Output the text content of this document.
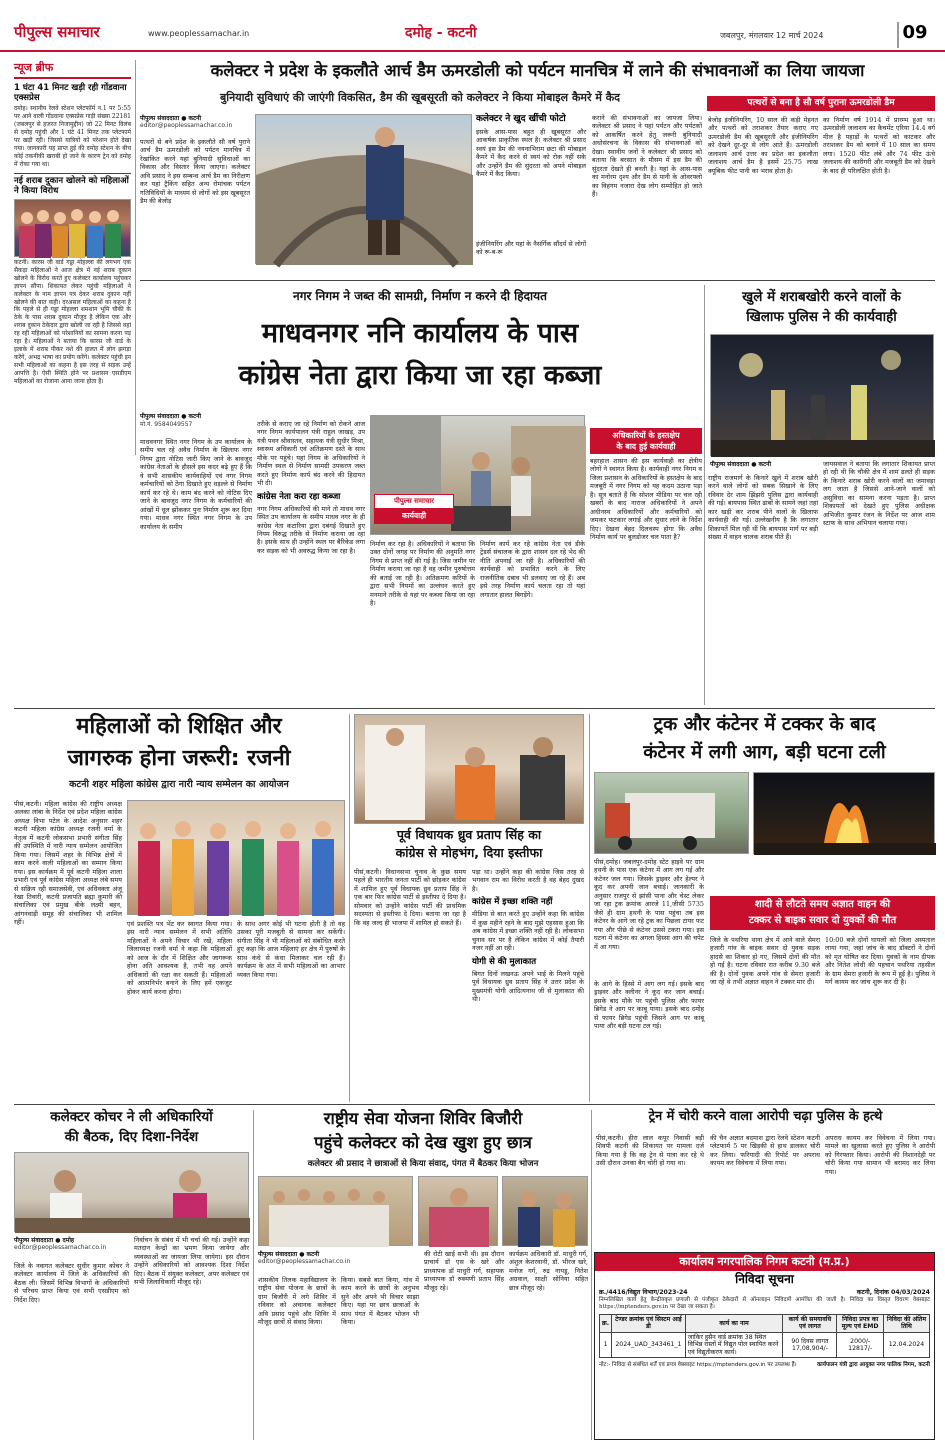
पीपुल्स समाचार	www.peoplessamachar.in	दमोह - कटनी	जबलपुर, मंगलवार 12 मार्च 2024	09
न्यूज ब्रीफ
1 घंटा 41 मिनट खड़ी रही गोंडवाना एक्सप्रेस
दमोह। स्थानीय रेलवे स्टेशन प्लेटफॉर्म न.1 पर 5:55 पर आने वाली गोंडवाना एक्सप्रेस गाड़ी संख्या 22181 (जबलपुर से हजरत निजामुद्दीन) जो 22 मिनट विलंब से दमोह पहुंची और 1 घंटे 41 मिनट तक प्लेटफार्म पर खड़ी रही। जिससे यात्रियों को परेशान होते देखा गया। जानकारी यह प्राप्त हुई की दमोह स्टेशन के बीच कोई तकनीकी खराबी हो जाने के कारण ट्रेन को दमोह में रोका गया था।
नई शराब दुकान खोलने को महिलाओं ने किया विरोध
कटनी। कारस जी वार्ड गड्डा मोहल्ला की लगभग एक सैकड़ा महिलाओं ने आज क्षेत्र में नई शराब दुकान खोलने के विरोध करते हुए कलेक्टर कार्यालय पहुंचकर ज्ञापन सौंपा। शिकायत लेकर पहुंची महिलाओं ने कलेक्टर के नाम ज्ञापन पत्र देकर शराब दुकान नहीं खोलने की बात कही। दरअसल महिलाओं का कहना है कि पहले से ही गड्डा मोहल्ला शमशान भूमि चौकी के ठेके के पास शराब दुकान मौजूद है लेकिन एक और शराब दुकान ठेकेदार द्वारा खोली जा रही है जिससे वहां रह रही महिलाओं को परेशानियों का सामना करना पड़ रहा है। महिलाओं ने बताया कि कारस जी वार्ड के इलाके में शराब पीकर नशे की हालत में लोग झगड़ा करेंगे, अभद्र भाषा का प्रयोग करेंगे। कलेक्टर पहुंची इन सभी महिलाओं का कहना है इस तरह से सड़क उन्हें आपत्ति है। ऐसी स्थिति होने पर प्रशासन एसडीएम महिलाओं का रोजाना आना जाना होता है।
कलेक्टर ने प्रदेश के इकलौते आर्च डैम ऊमरडोली को पर्यटन मानचित्र में लाने की संभावनाओं का लिया जायजा
बुनियादी सुविधाएं की जाएंगी विकसित, डैम की खूबसूरती को कलेक्टर ने किया मोबाइल कैमरे में कैद
पीपुल्स संवाददाता ● कटनी
editor@peoplessamachar.co.in
पत्थरों से बने प्रदेश के इकलौते सौ वर्ष पुराने आर्च डैम ऊमरडोली को पर्यटन मानचित्र में रेखांकित करने यहां बुनियादी सुविधाओं का विकास और विस्तार किया जाएगा। कलेक्टर अवि प्रसाद ने इस सम्बन्ध आर्च डैम का निरीक्षण कर यहां ट्रैकिंग सहित अन्य रोमांचक पर्यटन गतिविधियों के माध्यम से लोगों को इस खूबसूरत डैम की बेजोड़
कलेक्टर ने खुद खींची फोटो
इसके आस-पास बहुत ही खूबसूरत और आकर्षक प्राकृतिक स्थल है। कलेक्टर श्री प्रसाद स्वयं इस डैम की नयनाभिराम छटा की मोबाइल कैमरे में कैद करने से स्वयं को रोक नहीं सके और उन्होंने डैम की सुंदरता को अपने मोबाइल कैमरे में कैद किया।
इंजीनियरिंग और यहां के नैसर्गिक सौंदर्य से लोगों को रू-ब-रू
कराने की संभावनाओं का जायजा लिया। कलेक्टर श्री प्रसाद ने यहां पर्यटन और पर्यटकों को आकर्षित करने हेतु जरूरी बुनियादी अधोसंरचना के विकास की संभावनाओं को देखा। स्थानीय जनों ने कलेक्टर श्री प्रसाद को बताया कि बरसात के मौसम में इस डैम की सुंदरता देखते ही बनती है। यहां के आस-पास का मनोरम दृश्य और डैम से पानी के ओवरफ्लो का विहंगम नजारा देख लोग सम्मोहित हो जाते हैं।
पत्थरों से बना है सौ वर्ष पुराना ऊमरडोली डैम
बेजोड़ इंजीनियरिंग, 10 साल की कड़ी मेहनत और पत्थरों को तराशकर तैयार कराए गए ऊमरडोली डैम की खूबसूरती और इंजीनियरिंग को देखने दूर-दूर से लोग आते हैं। ऊमरडोली जलाशय आर्च उत्तर का प्रदेश का इकलौता जलाशय आर्च डैम है इसमें 25.75 लाख क्यूबिक फीट पानी का भराव होता है।
का निर्माण वर्ष 1914 में प्रारम्भ हुआ था। ऊमरडोली जलाशय का कैचमेंट एरिया 14.4 वर्ग मील है पहाड़ों के पत्थरों को काटकर और तराशकर डैम को बनाने में 10 साल का समय लगा। 1520 फीट लंबे और 74 फीट ऊंचे जलाशय की कारीगरी और मजबूती डैम को देखने के बाद ही परिलक्षित होती है।
नगर निगम ने जब्त की सामग्री, निर्माण न करने दी हिदायत
माधवनगर ननि कार्यालय के पास
कांग्रेस नेता द्वारा किया जा रहा कब्जा
पीपुल्स संवाददाता ● कटनी
मो.नं. 9584049557
माधवनगर स्थित नगर निगम के उप कार्यालय के समीप चल रहे अवैध निर्माण के खिलाफ नगर निगम द्वारा नोटिस जारी किए जाने के बावजूद कांग्रेस नेताओं के हौसले इस कदर बढ़े हुए हैं कि वे सभी शासकीय कार्यवाहियों एवं नगर निगम कर्मचारियों को ठेंगा दिखाते हुए धड़ल्ले से निर्माण कार्य कर रहे थे। काम बंद करने को नोटिस दिए जाने के बावजूद नगर निगम के कर्मचारियों की आंखों में धूल झोंककर पुनः निर्माण शुरू कर दिया गया। माधव नगर स्थित नगर निगम के उप कार्यालय के समीप
तरीके से कराए जा रहे निर्माण को रोकने आज नगर निगम कार्यपालन यंत्री राहुल जाखड़, उप यंत्री पवन श्रीवास्तव, सहायक यंत्री सुधीर मिश्रा, स्वास्थ्य अधिकारी एवं अतिक्रमण दस्ते के साथ मौके पर पहुंचे। यहां निगम के अधिकारियों ने निर्माण स्थल से निर्माण सामग्री उपकरण जब्त करते हुए निर्माण कार्य बंद करने की हिदायत भी दी।
कांग्रेस नेता करा रहा कब्जा
नगर निगम अधिकारियों की माने तो माधव नगर स्थित उप कार्यालय के समीप माधव नगर के ही कांग्रेस नेता कटारिया द्वारा दबंगई दिखाते हुए नियम विरुद्ध तरीके से निर्माण कराया जा रहा है। इसके साथ ही उन्होंने स्थल पर बैरिकेड लगा कर सड़क को भी अवरुद्ध किया जा रहा है।
पीपुल्स समाचार
कार्यवाही
निर्माण कर रहा है। अधिकारियों ने बताया कि उक्त दोनों जगह पर निर्माण की अनुमति नगर निगम से प्राप्त नहीं की गई है। जिस जमीन पर निर्माण कराया जा रहा है वह जमीन पुरुषोत्तम की बताई जा रही है। अतिक्रमण करियों के द्वारा सभी नियमों का उल्लंघन करते हुए मनमाने तरीके से यहां पर कब्जा किया जा रहा है।
निर्माण कार्य कर रहे कांग्रेस नेता एवं डीके ट्रेडर्स संचालक के द्वारा शासन दल रहे भेद की नीति अपनाई जा रही है। अधिकारियों की कार्यवाही को प्रभावित करने के लिए राजनीतिक दबाव भी डलवाए जा रहे हैं। अब इसे तरह निर्माण कार्य चलता रहा तो यहां लगातार हालत बिगड़ेंगे।
अधिकारियों के हस्तक्षेप
के बाद हुई कार्यवाही
बहरहाल शासन की इस कार्यवाही का क्षेत्रीय लोगों ने स्वागत किया है। कार्यवाही नगर निगम व जिला प्रशासन के अधिकारियों के हस्तक्षेप के बाद मजबूरी में नगर निगम को यह कदम उठाना पड़ा है। सूत्र बताते हैं कि सोशल मीडिया पर चल रही खबरों के बाद नाराज अधिकारियों ने अपने अधीनस्थ अधिकारियों और कर्मचारियों को जमकर फटकार लगाई और सुधार लाने के निर्देश दिए। देखना बेहद दिलचस्प होगा कि अवैध निर्माण कार्य पर बुलडोजर चल पाता है?
खुले में शराबखोरी करने वालों के
खिलाफ पुलिस ने की कार्यवाही
पीपुल्स संवाददाता ● कटनी
राष्ट्रीय राजमार्ग के किनारे खुले में शराब खोरी करने वाले लोगों को सबक सिखाने के लिए रविवार देर शाम झिंझरी पुलिस द्वारा कार्यवाही की गई। बायपास स्थित ढाबों के सामने जहां तहां कार खड़ी कर शराब पीने वालों के खिलाफ कार्यवाही की गई। उल्लेखनीय है कि लगातार शिकायतें मिल रही थीं कि बायपास मार्ग पर बड़ी संख्या में वाहन चालक शराब पीते हैं।
जायसवाल ने बताया कि लगातार शिकायत प्राप्त हो रही थी कि चौकी क्षेत्र में शाम ढलते ही सड़क के किनारे शराब खोरी करने वालों का जमावड़ा लग जाता है जिससे आने-जाने वालों को असुविधा का सामना करना पड़ता है। प्राप्त शिकायतों को देखते हुए पुलिस अधीक्षक अभिजीत कुमार रंजन के निर्देश पर आज शाम स्टाफ के साथ अभियान चलाया गया।
महिलाओं को शिक्षित और
जागरुक होना जरूरी: रजनी
कटनी शहर महिला कांग्रेस द्वारा नारी न्याय सम्मेलन का आयोजन
पीसं,कटनी। महिला कांग्रेस की राष्ट्रीय अध्यक्ष अलका लांबा के निर्देश एवं प्रदेश महिला कांग्रेस अध्यक्ष विभा पटेल के आदेश अनुसार शहर कटनी महिला कांग्रेस अध्यक्ष रजनी वर्मा के नेतृत्व में कटनी लोकसभा प्रभारी संगीता सिंह की उपस्थिति में नारी न्याय सम्मेलन आयोजित किया गया। जिसमें शहर के विभिन्न क्षेत्रों में काम करने वाली महिलाओं का सम्मान किया गया। इस कार्यक्रम में पूर्व कटनी महिला शाला प्रभारी एवं पूर्व कांग्रेस महिला अध्यक्ष लंबे समय से सक्रिय रही समाजसेवी, एवं अधिवक्ता अंजू रेखा तिवारी, कटनी प्रजापति ब्रह्मा कुमारी की संचालिका एवं प्रमुख बीके लक्ष्मी बहन, आंगनवाड़ी समूह की संचालिका भी शामिल रहीं।	एवं प्रशस्ति पत्र भेंट कर स्वागत किया गया। इस नारी न्याय सम्मेलन में सभी अतिथि महिलाओं ने अपने विचार भी रखें, महिला जिलाध्यक्ष रजनी वर्मा ने कहा कि महिलाओं को आज के दौर में शिक्षित और जागरूक होना अति आवश्यक है, तभी वह अपने अधिकारों की रक्षा कर सकती हैं। महिलाओं को आत्मनिर्भर बनाने के लिए हमें एकजुट होकर कार्य करना होगा।
के साथ अगर कोई भी घटना होती है तो वह उसका पूरी मजबूती से सामना कर सकेंगी। संगीता सिंह ने भी महिलाओं को संबोधित करते हुए कहा कि आज महिलाएं हर क्षेत्र में पुरुषों के साथ कंधे से कंधा मिलाकर चल रही हैं। कार्यक्रम के अंत में सभी महिलाओं का आभार व्यक्त किया गया।
पूर्व विधायक ध्रुव प्रताप सिंह का
कांग्रेस से मोहभंग, दिया इस्तीफा
पीसं,कटनी। विधानसभा चुनाव के कुछ समय पहले ही भारतीय जनता पार्टी को छोड़कर कांग्रेस में शामिल हुए पूर्व विधायक ध्रुव प्रताप सिंह ने एक बार फिर कांग्रेस पार्टी से इस्तीफा दे दिया है। सोमवार को उन्होंने कांग्रेस पार्टी की प्राथमिक सदस्यता से इस्तीफा दे दिया। बताया जा रहा है कि वह जल्द ही भाजपा में शामिल हो सकते हैं।
पड़ा था। उन्होंने कहा की कांग्रेस जिस तरह से भगवान राम का विरोध करती है वह बेहद दुखद है।
कांग्रेस में इच्छा शक्ति नहीं
मीडिया से बात करते हुए उन्होंने कहा कि कांग्रेस में कुछ महीने रहने के बाद मुझे एहसास हुआ कि अब कांग्रेस में इच्छा शक्ति नहीं रही है। लोकसभा चुनाव सर पर है लेकिन कांग्रेस में कोई तैयारी नजर नहीं आ रही।
योगी से की मुलाकात
बिगत दिनों लखनऊ अपने भाई के मिलने पहुंचे पूर्व विधायक ध्रुव प्रताप सिंह ने उत्तर प्रदेश के मुख्यमंत्री योगी आदित्यनाथ जी से मुलाकात की थी।
ट्रक और कंटेनर में टक्कर के बाद
कंटेनर में लगी आग, बड़ी घटना टली
पीसं,दमोह। जबलपुर-दमोह स्टेट हाइवे पर ग्राम हथनी के पास एक कंटेनर में आग लग गई और कंटेनर जल गया। जिसके ड्राइवर और हेल्पर ने कूद कर अपनी जान बचाई। जानकारी के अनुसार राजपुर से झांसी पाना और चेस्ट लेकर जा रहा ट्रक क्रमांक आरजे 11,जीसी 5735 जैसे ही ग्राम हथनी के पास पहुंचा तब इस कंटेनर के आगे जा रहे ट्रक का पिछला टायर फट गया और पीछे से कंटेनर उससे टकरा गया। इस घटना में कंटेनर का अगला हिस्सा आग की चपेट में आ गया।
शादी से लौटते समय अज्ञात वाहन की
टक्कर से बाइक सवार दो युवकों की मौत
जिले के पथरिया थाना क्षेत्र में आने वाले सेमरा हजारी गांव के बाइक सवार दो युवक सड़क हादसे का शिकार हो गए, जिसमें दोनों की मौत हो गई है। घटना रविवार रात करीब 9.30 बजे की है। दोनों युवक अपने गांव से सेमरा हजारी जा रहे थे तभी अज्ञात वाहन ने टक्कर मार दी।
10:00 बजे दोनों घायलों को जिला अस्पताल लाया गया, जहां जांच के बाद डॉक्टरों ने दोनों को मृत घोषित कर दिया। युवकों के नाम दीपक और नितेश लोधी की पहचान पथरिया तहसील के ग्राम सेमरा हजारी के रूप में हुई है। पुलिस ने मर्ग कायम कर जांच शुरू कर दी है।
के आगे के हिस्से में आग लग गई। इसके बाद ड्राइवर और क्लीनर ने कूद कर जान बचाई। इसके बाद मौके पर पहुंची पुलिस और फायर ब्रिगेड ने आग पर काबू पाया। इसके बाद दमोह से फायर ब्रिगेड पहुंची जिसने आग पर काबू पाया और बड़ी घटना टल गई।
कलेक्टर कोचर ने ली अधिकारियों
की बैठक, दिए दिशा-निर्देश
पीपुल्स संवाददाता ● दमोह
editor@peoplessamachar.co.in
जिले के नवागत कलेक्टर सुधीर कुमार कोचर ने कलेक्टर कार्यालय में जिले के अधिकारियों की बैठक ली। जिसमें विभिन्न विभागों के अधिकारियों से परिचय प्राप्त किया एवं सभी एसडीएम को निर्देश दिए।
निर्वाचन के संबंध में भी चर्चा की गई। उन्होंने कहा मतदान केन्द्रों का भ्रमण किया जायेगा और व्यवस्थाओं का जायजा लिया जायेगा। इस दौरान उन्होंने अधिकारियों को आवश्यक दिशा निर्देश दिए। बैठक में संयुक्त कलेक्टर, अपर कलेक्टर एवं सभी जिलाधिकारी मौजूद रहे।
राष्ट्रीय सेवा योजना शिविर बिजौरी
पहुंचे कलेक्टर को देख खुश हुए छात्र
कलेक्टर श्री प्रसाद ने छात्राओं से किया संवाद, पंगत में बैठकर किया भोजन
पीपुल्स संवाददाता ● कटनी
editor@peoplessamachar.co.in
शासकीय तिलक महाविद्यालय के राष्ट्रीय सेवा योजना के छात्रों के ग्राम बिजौरी में लगे शिविर में रविवार को अचानक कलेक्टर अवि प्रसाद पहुंचे और शिविर में मौजूद छात्रों से संवाद किया।
किया। सबसे बात किया, गांव में काम करने के छात्रों के अनुभव सुने और अपने भी विचार साझा किए। यहां पर छात्र छात्राओं के साथ पंगत में बैठकर भोजन भी किया।
की रोटी खाई सभी थी। इस दौरान प्राचार्य डॉ एस के खरे और प्राध्यापक डॉ माधुरी गर्ग, सहायक प्राध्यापक डॉ रुक्मणी प्रताप सिंह मौजूद रहे।
कार्यक्रम अधिकारी डॉ. माधुरी गर्ग, अंशुल केशरवानी, डॉ. भीरज खरे, मनोज गर्ग, रुद्र नायडू, नितेश अग्रवाल, साक्षी सोनिया सहित छात्र मौजूद रहे।
ट्रेन में चोरी करने वाला आरोपी चढ़ा पुलिस के हत्थे
पीसं,कटनी। हीरा लाल कपूर निवासी बड़ी शिवपी कटनी की शिकायत पर मामला दर्ज किया गया है कि वह ट्रेन से यात्रा कर रहे थे उसी दौरान उनका बैग चोरी हो गया था।
की चैन अज्ञात बदमाश द्वारा रेलवे स्टेशन कटनी प्लेटफार्म 5 पर खिड़की से हाथ डालकर चोरी कर लिया। फरियादी की रिपोर्ट पर अपराध कायम कर विवेचना में लिया गया।
अपराध कायम कर विवेचना में लिया गया। मामले का खुलासा करते हुए पुलिस ने आरोपी को गिरफ्तार किया। आरोपी की निशानदेही पर चोरी किया गया सामान भी बरामद कर लिया गया।
कार्यालय नगरपालिक निगम कटनी (म.प्र.)
निविदा सूचना
क्र./4416/विद्युत विभाग/2023-24	कटनी, दिनांक 04/03/2024
निम्नलिखित कार्य हेतु केन्द्रीयकृत प्रणाली से पंजीकृत ठेकेदारों से ऑनलाइन निविदायें आमंत्रित की जाती है। निविदा का विस्तृत विवरण वेबसाइट https://mptenders.gov.in पर देखा जा सकता है।
क्र.	टेण्डर क्रमांक एवं सिस्टम आई डी	कार्य का नाम	कार्य की समयावधि एवं लागत	निविदा प्रपत्र का मूल्य एवं EMD	निविदा की अंतिम तिथि
1	2024_UAD_343461_1	जाकिर हुसैन वार्ड क्रमांक 38 स्थित विभिन्न रास्तों में विद्युत पोल स्थापित करने एवं विद्युतीकरण कार्य।	90 दिवस लागत 17,08,904/-	2000/- 12817/-	12.04.2024
नोट:- निविदा से संबंधित शर्तें एवं प्रपत्र वेबसाइट https://mptenders.gov.in पर उपलब्ध हैं।	कार्यपालन यंत्री द्वारा आयुक्त नगर पालिक निगम, कटनी
